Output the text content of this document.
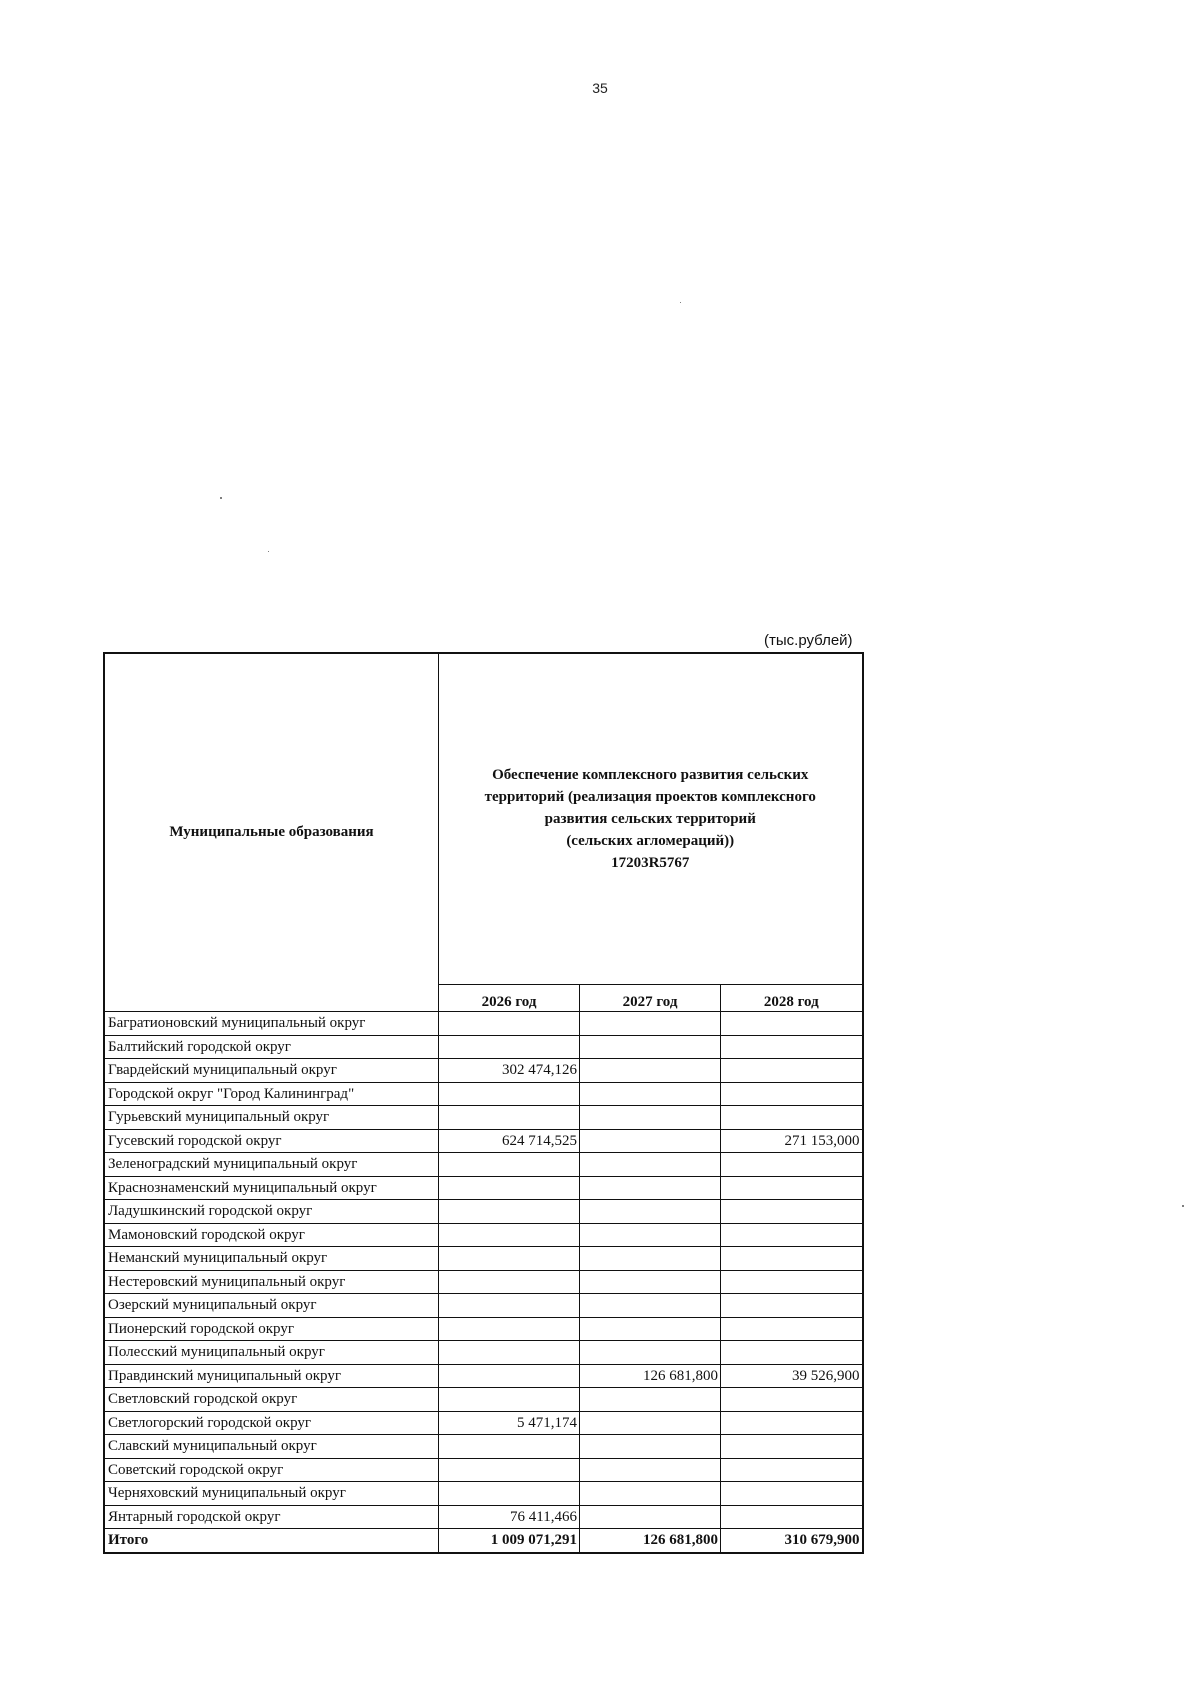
35
(тыс.рублей)
Муниципальные образования	Обеспечение комплексного развития сельских
территорий (реализация проектов комплексного
развития сельских территорий
(сельских агломераций))
17203R5767		

	2026 год	2027 год	2028 год
Багратионовский муниципальный округ			
Балтийский городской округ			
Гвардейский муниципальный округ	302 474,126		
Городской округ "Город Калининград"			
Гурьевский муниципальный округ			
Гусевский городской округ	624 714,525		271 153,000
Зеленоградский муниципальный округ			
Краснознаменский муниципальный округ			
Ладушкинский городской округ			
Мамоновский городской округ			
Неманский муниципальный округ			
Нестеровский муниципальный округ			
Озерский муниципальный округ			
Пионерский городской округ			
Полесский муниципальный округ			
Правдинский муниципальный округ		126 681,800	39 526,900
Светловский городской округ			
Светлогорский городской округ	5 471,174		
Славский муниципальный округ			
Советский городской округ			
Черняховский муниципальный округ			
Янтарный городской округ	76 411,466		
Итого	1 009 071,291	126 681,800	310 679,900
